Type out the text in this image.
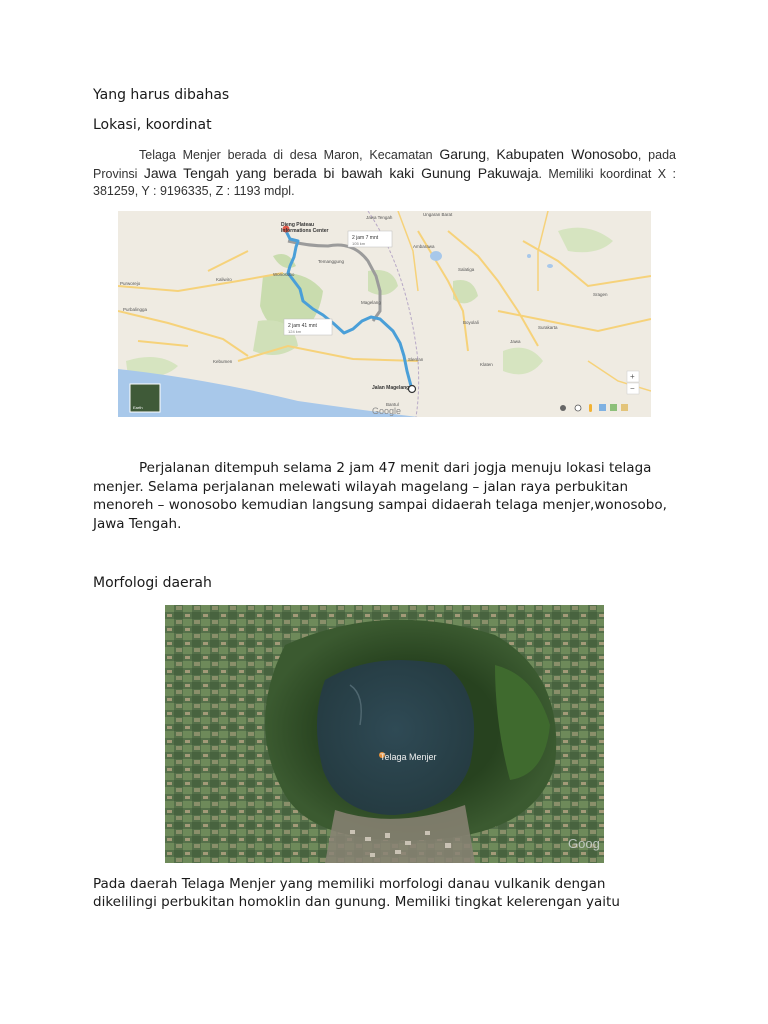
Yang harus dibahas
Lokasi, koordinat
Telaga Menjer berada di desa Maron, Kecamatan Garung, Kabupaten Wonosobo, pada Provinsi Jawa Tengah yang berada bi bawah kaki Gunung Pakuwaja. Memiliki koordinat X : 381259, Y : 9196335, Z : 1193 mdpl.
Dieng Plateau
Informations Center
Jalan Magelang
2 jam 7 mnt
105 km
2 jam 41 mnt
124 km
Wonosobo
Magelang
Ambarawa
Salatiga
Boyolali
Surakarta
Klaten
Sleman
Kebumen
Purworejo
Jawa Tengah
Ungaran Barat
Temanggung
Kaliwiro
Purbalingga
Sragen
Jawa
Bantul
Earth	Google
+
−
Perjalanan ditempuh selama 2 jam 47 menit dari jogja menuju lokasi telaga menjer. Selama perjalanan melewati wilayah magelang – jalan raya perbukitan menoreh – wonosobo kemudian langsung sampai didaerah telaga menjer,wonosobo, Jawa Tengah.
Morfologi daerah
Telaga Menjer
Goog
Pada daerah Telaga Menjer yang memiliki morfologi danau vulkanik dengan dikelilingi perbukitan homoklin dan gunung. Memiliki tingkat kelerengan yaitu
